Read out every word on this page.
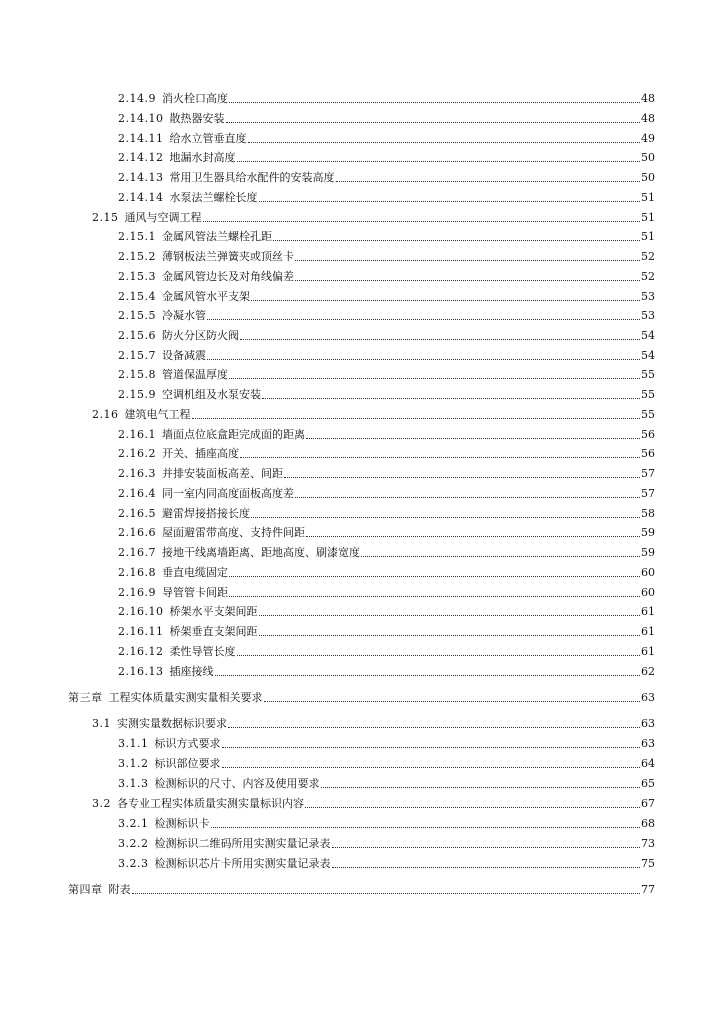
2.14.9 消火栓口高度	48
2.14.10 散热器安装	48
2.14.11 给水立管垂直度	49
2.14.12 地漏水封高度	50
2.14.13 常用卫生器具给水配件的安装高度	50
2.14.14 水泵法兰螺栓长度	51
2.15 通风与空调工程	51
2.15.1 金属风管法兰螺栓孔距	51
2.15.2 薄钢板法兰弹簧夹或顶丝卡	52
2.15.3 金属风管边长及对角线偏差	52
2.15.4 金属风管水平支架	53
2.15.5 冷凝水管	53
2.15.6 防火分区防火阀	54
2.15.7 设备减震	54
2.15.8 管道保温厚度	55
2.15.9 空调机组及水泵安装	55
2.16 建筑电气工程	55
2.16.1 墙面点位底盒距完成面的距离	56
2.16.2 开关、插座高度	56
2.16.3 并排安装面板高差、间距	57
2.16.4 同一室内同高度面板高度差	57
2.16.5 避雷焊接搭接长度	58
2.16.6 屋面避雷带高度、支持件间距	59
2.16.7 接地干线离墙距离、距地高度、刷漆宽度	59
2.16.8 垂直电缆固定	60
2.16.9 导管管卡间距	60
2.16.10 桥架水平支架间距	61
2.16.11 桥架垂直支架间距	61
2.16.12 柔性导管长度	61
2.16.13 插座接线	62
第三章 工程实体质量实测实量相关要求	63
3.1 实测实量数据标识要求	63
3.1.1 标识方式要求	63
3.1.2 标识部位要求	64
3.1.3 检测标识的尺寸、内容及使用要求	65
3.2 各专业工程实体质量实测实量标识内容	67
3.2.1 检测标识卡	68
3.2.2 检测标识二维码所用实测实量记录表	73
3.2.3 检测标识芯片卡所用实测实量记录表	75
第四章 附表	77
